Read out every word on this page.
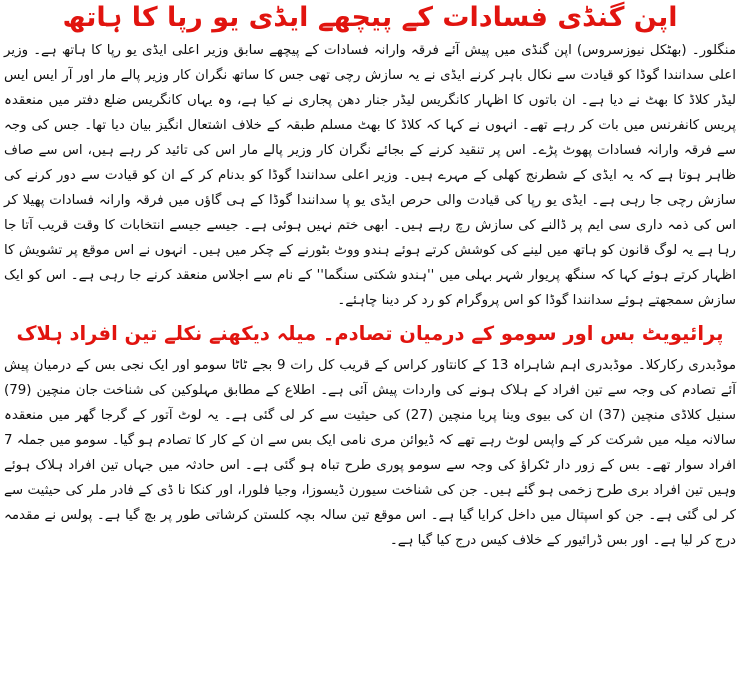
اپن گنڈی فسادات کے پیچھے ایڈی یو رپا کا ہاتھ

منگلور۔ (بھٹکل نیوزسروس) اپن گنڈی میں پیش آئے فرقہ وارانہ فسادات کے پیچھے سابق وزیر اعلی ایڈی یو رپا کا ہاتھ ہے۔ وزیر اعلی سدانندا گوڈا کو قیادت سے نکال باہر کرنے ایڈی نے یہ سازش رچی تھی جس کا ساتھ نگران کار وزیر پالے مار اور آر ایس ایس لیڈر کلاڈ کا بھٹ نے دیا ہے۔ ان باتوں کا اظہار کانگریس لیڈر جنار دھن پجاری نے کیا ہے، وہ یہاں کانگریس ضلع دفتر میں منعقدہ پریس کانفرنس میں بات کر رہے تھے۔ انہوں نے کہا کہ کلاڈ کا بھٹ مسلم طبقہ کے خلاف اشتعال انگیز بیان دیا تھا۔ جس کی وجہ سے فرقہ وارانہ فسادات پھوٹ پڑے۔ اس پر تنقید کرنے کے بجائے نگران کار وزیر پالے مار اس کی تائید کر رہے ہیں، اس سے صاف ظاہر ہوتا ہے کہ یہ ایڈی کے شطرنج کھلی کے مہرے ہیں۔ وزیر اعلی سدانندا گوڈا کو بدنام کر کے ان کو قیادت سے دور کرنے کی سازش رچی جا رہی ہے۔ ایڈی یو رپا کی قیادت والی حرص ایڈی یو پا سدانندا گوڈا کے ہی گاؤں میں فرقہ وارانہ فسادات پھیلا کر اس کی ذمہ داری سی ایم پر ڈالنے کی سازش رچ رہے ہیں۔ ابھی ختم نہیں ہوئی ہے۔ جیسے جیسے انتخابات کا وقت قریب آتا جا رہا ہے یہ لوگ قانون کو ہاتھ میں لینے کی کوشش کرتے ہوئے ہندو ووٹ بٹورنے کے چکر میں ہیں۔ انہوں نے اس موقع پر تشویش کا اظہار کرتے ہوئے کہا کہ سنگھ پریوار شہر بہلی میں ''ہندو شکتی سنگما'' کے نام سے اجلاس منعقد کرنے جا رہی ہے۔ اس کو ایک سازش سمجھتے ہوئے سدانندا گوڈا کو اس پروگرام کو رد کر دینا چاہئے۔

پرائیویٹ بس اور سومو کے درمیان تصادم۔ میلہ دیکھنے نکلے تین افراد ہلاک

موڈبدری رکارکلا۔ موڈبدری اہم شاہراہ 13 کے کانتاور کراس کے قریب کل رات 9 بجے ٹاٹا سومو اور ایک نجی بس کے درمیان پیش آئے تصادم کی وجہ سے تین افراد کے ہلاک ہونے کی واردات پیش آئی ہے۔ اطلاع کے مطابق مہلوکین کی شناخت جان منچین (79) سنیل کلاڈی منچین (37) ان کی بیوی وینا پریا منچین (27) کی حیثیت سے کر لی گئی ہے۔ یہ لوٹ آتور کے گرجا گھر میں منعقدہ سالانہ میلہ میں شرکت کر کے واپس لوٹ رہے تھے کہ ڈیوائن مری نامی ایک بس سے ان کے کار کا تصادم ہو گیا۔ سومو میں جملہ 7 افراد سوار تھے۔ بس کے زور دار ٹکراؤ کی وجہ سے سومو پوری طرح تباہ ہو گئی ہے۔ اس حادثہ میں جہاں تین افراد ہلاک ہوئے وہیں تین افراد بری طرح زخمی ہو گئے ہیں۔ جن کی شناخت سیورن ڈیسوزا، وجیا فلورا، اور کنکا نا ڈی کے فادر ملر کی حیثیت سے کر لی گئی ہے۔ جن کو اسپتال میں داخل کرایا گیا ہے۔ اس موقع تین سالہ بچہ کلستن کرشاتی طور پر بچ گیا ہے۔ پولس نے مقدمہ درج کر لیا ہے۔ اور بس ڈرائیور کے خلاف کیس درج کیا گیا ہے۔
